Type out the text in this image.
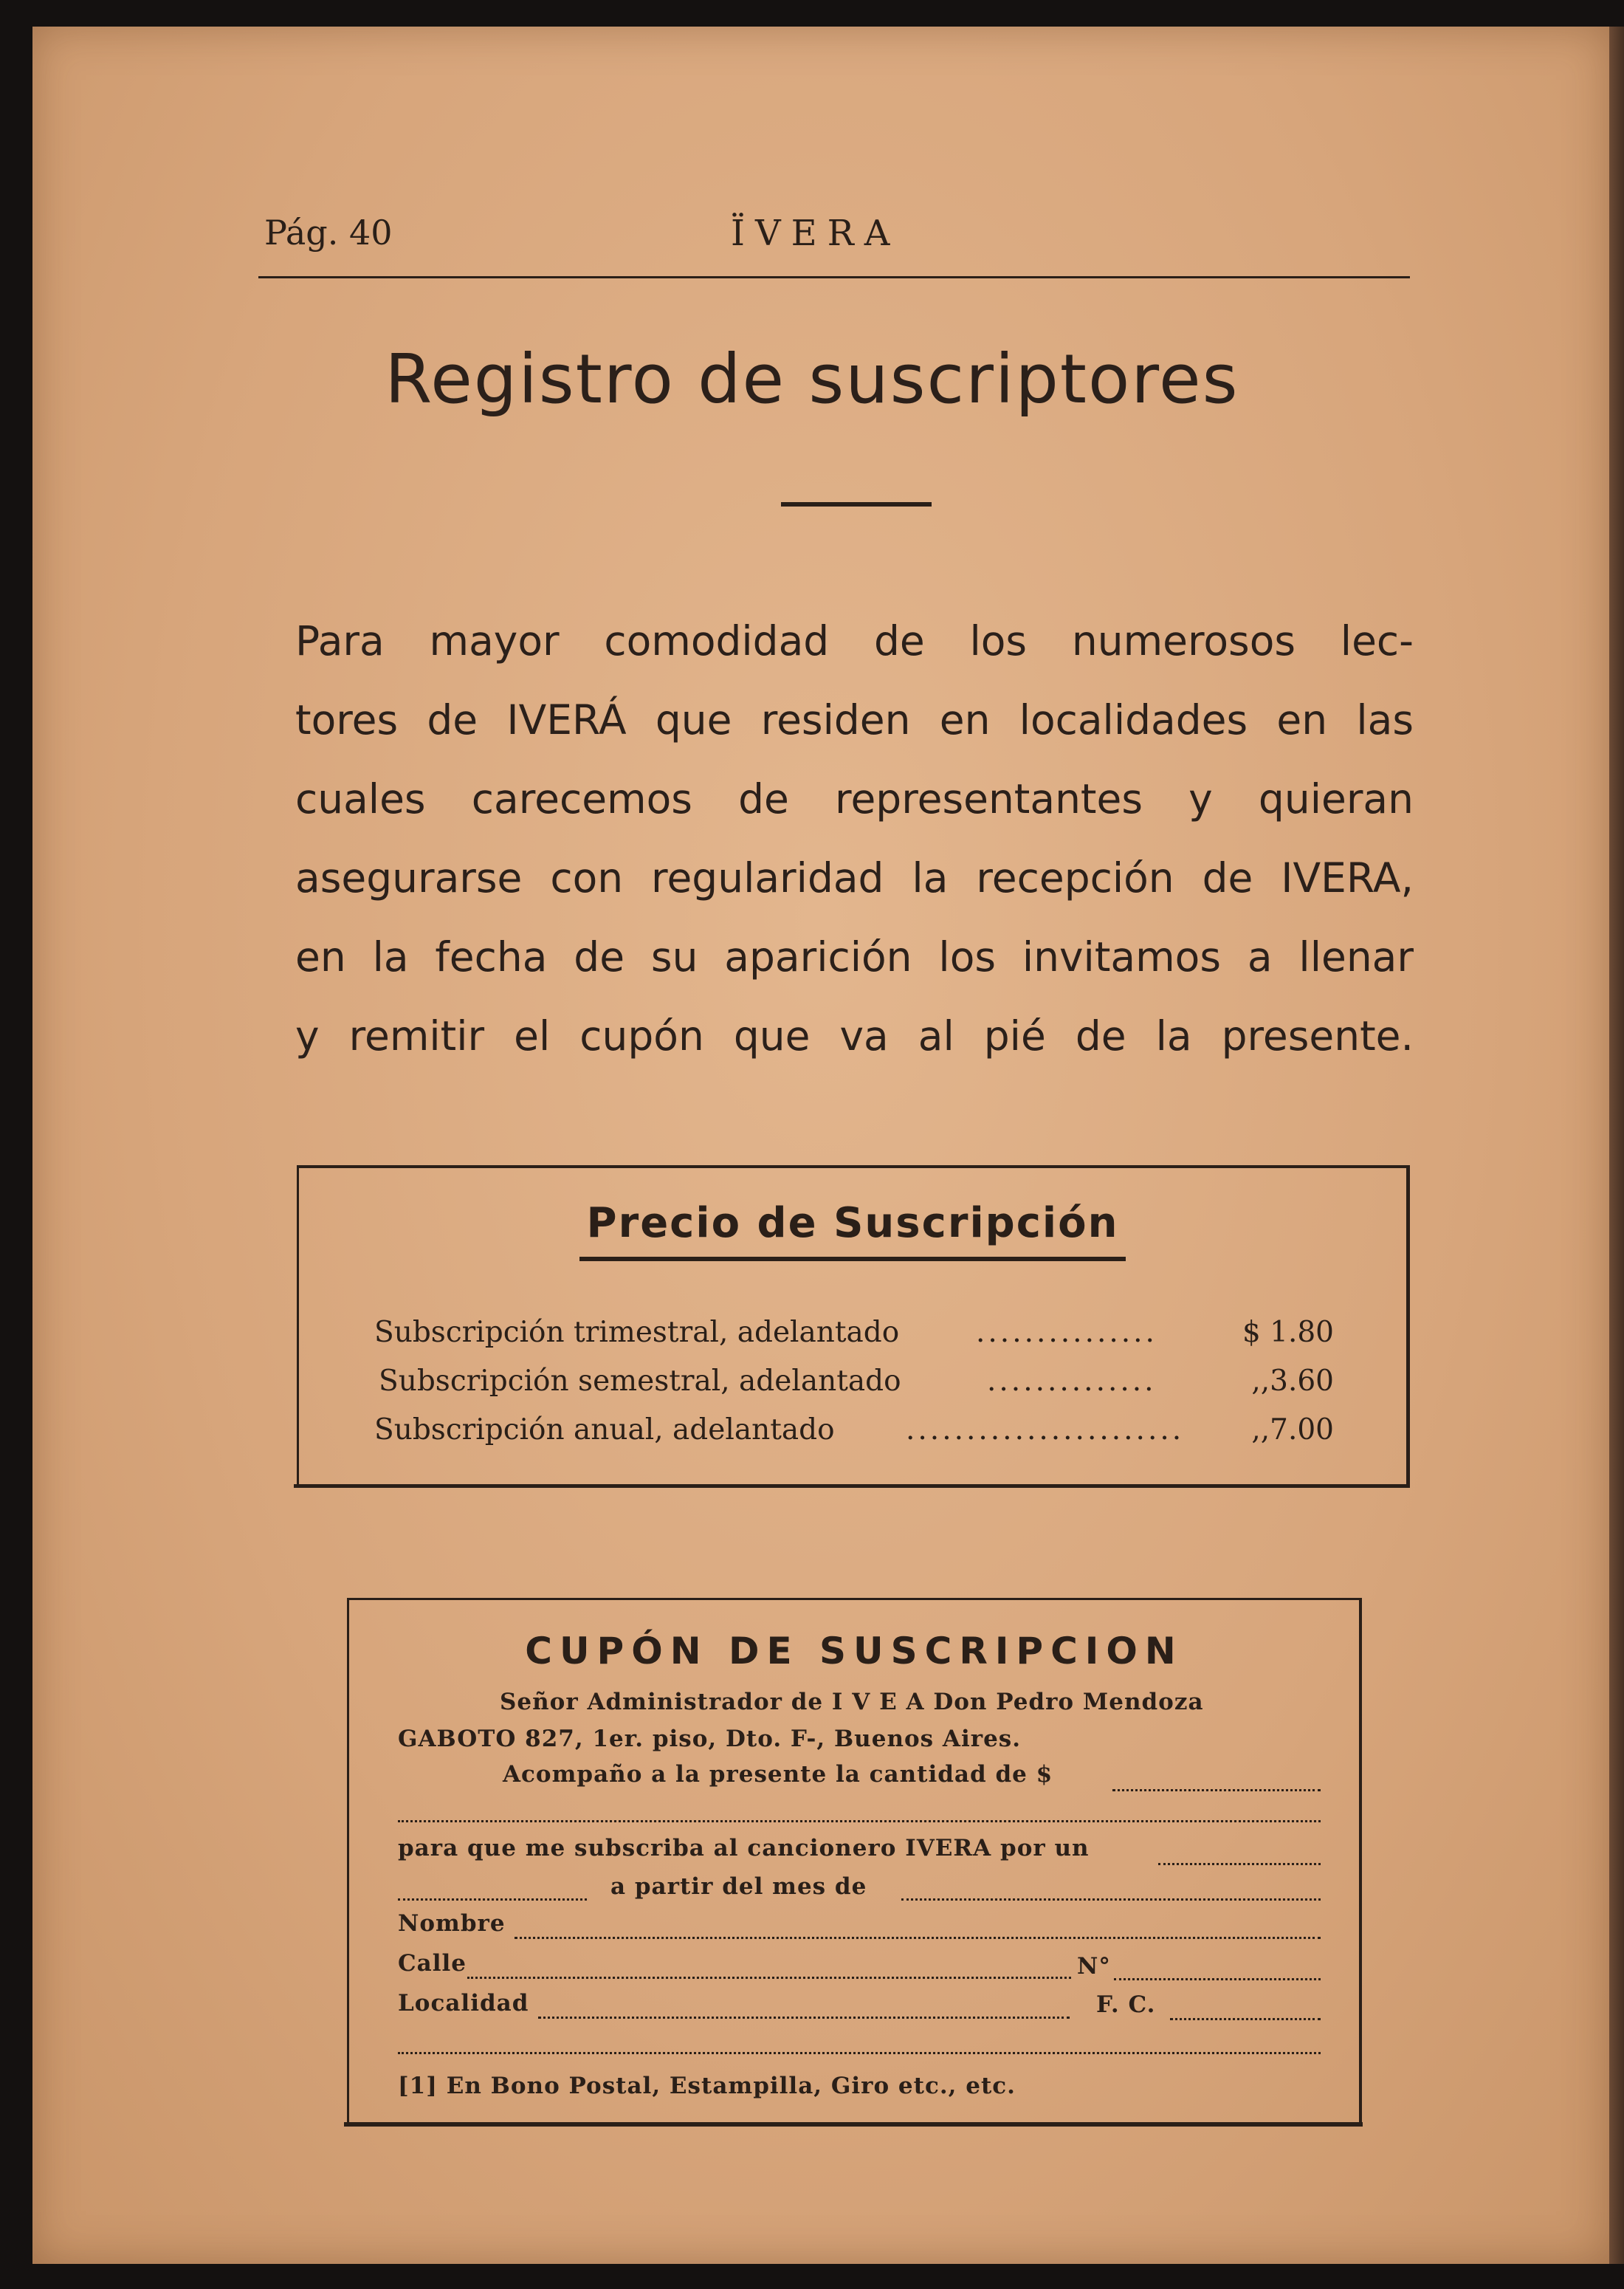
Pág. 40	ÏVERA
Registro de suscriptores
Para mayor comodidad de los numerosos lec-
tores de IVERÁ que residen en localidades en las
cuales carecemos de representantes y quieran
asegurarse con regularidad la recepción de IVERA,
en la fecha de su aparición los invitamos a llenar
y remitir el cupón que va al pié de la presente.
Precio de Suscripción
Subscripción trimestral, adelantado	...............	$ 1.80
Subscripción semestral, adelantado	..............	,,3.60
Subscripción anual, adelantado ....................... ,,7.00
CUPÓN DE SUSCRIPCION
Señor Administrador de I V E A Don Pedro Mendoza
GABOTO 827, 1er. piso, Dto. F-, Buenos Aires.
Acompaño a la presente la cantidad de $
para que me subscriba al cancionero IVERA por un
a partir del mes de
Nombre
Calle	N°
Localidad	F. C.
[1] En Bono Postal, Estampilla, Giro etc., etc.
